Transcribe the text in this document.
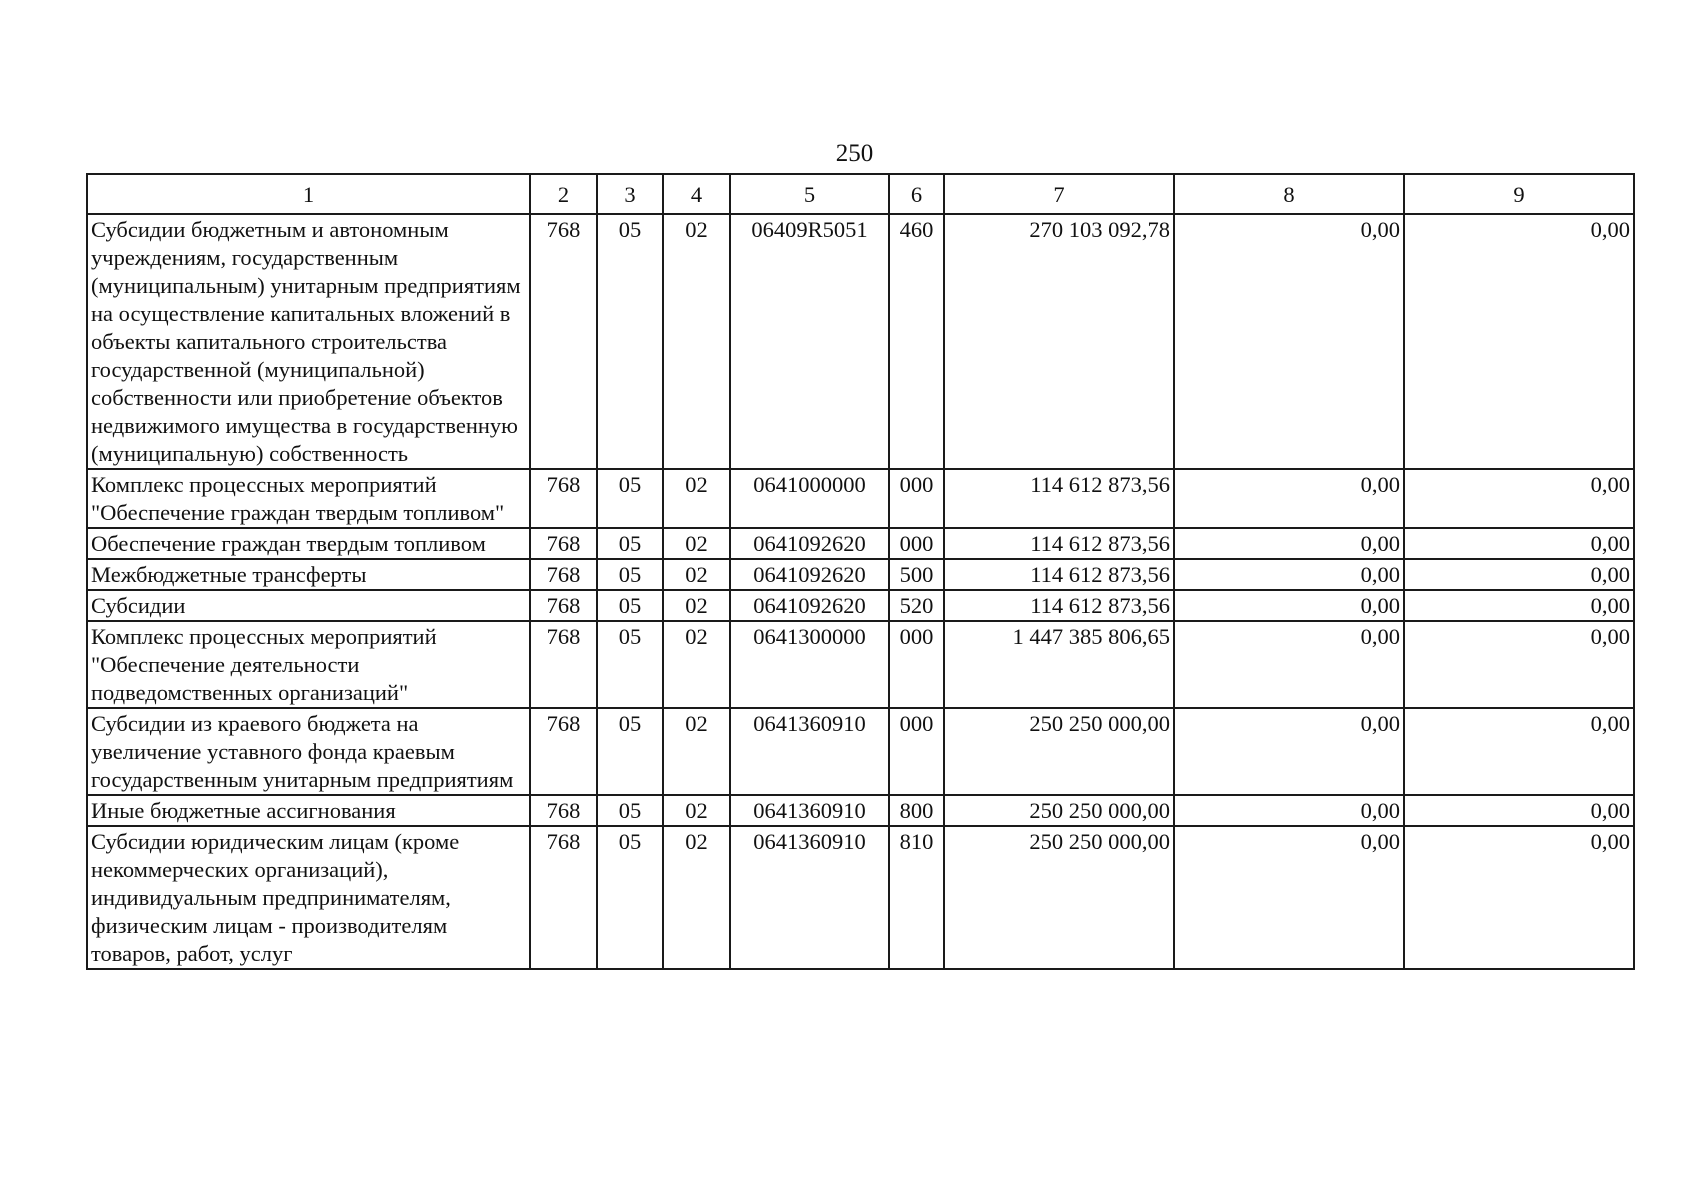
250
1	2	3	4	5	6	7	8	9
Субсидии бюджетным и автономным учреждениям, государственным (муниципальным) унитарным предприятиям на осуществление капитальных вложений в объекты капитального строительства государственной (муниципальной) собственности или приобретение объектов недвижимого имущества в государственную (муниципальную) собственность	768	05	02	06409R5051	460	270 103 092,78	0,00	0,00
Комплекс процессных мероприятий "Обеспечение граждан твердым топливом"	768	05	02	0641000000	000	114 612 873,56	0,00	0,00
Обеспечение граждан твердым топливом	768	05	02	0641092620	000	114 612 873,56	0,00	0,00
Межбюджетные трансферты	768	05	02	0641092620	500	114 612 873,56	0,00	0,00
Субсидии	768	05	02	0641092620	520	114 612 873,56	0,00	0,00
Комплекс процессных мероприятий "Обеспечение деятельности подведомственных организаций"	768	05	02	0641300000	000	1 447 385 806,65	0,00	0,00
Субсидии из краевого бюджета на увеличение уставного фонда краевым государственным унитарным предприятиям	768	05	02	0641360910	000	250 250 000,00	0,00	0,00
Иные бюджетные ассигнования	768	05	02	0641360910	800	250 250 000,00	0,00	0,00
Субсидии юридическим лицам (кроме некоммерческих организаций), индивидуальным предпринимателям, физическим лицам - производителям товаров, работ, услуг	768	05	02	0641360910	810	250 250 000,00	0,00	0,00
